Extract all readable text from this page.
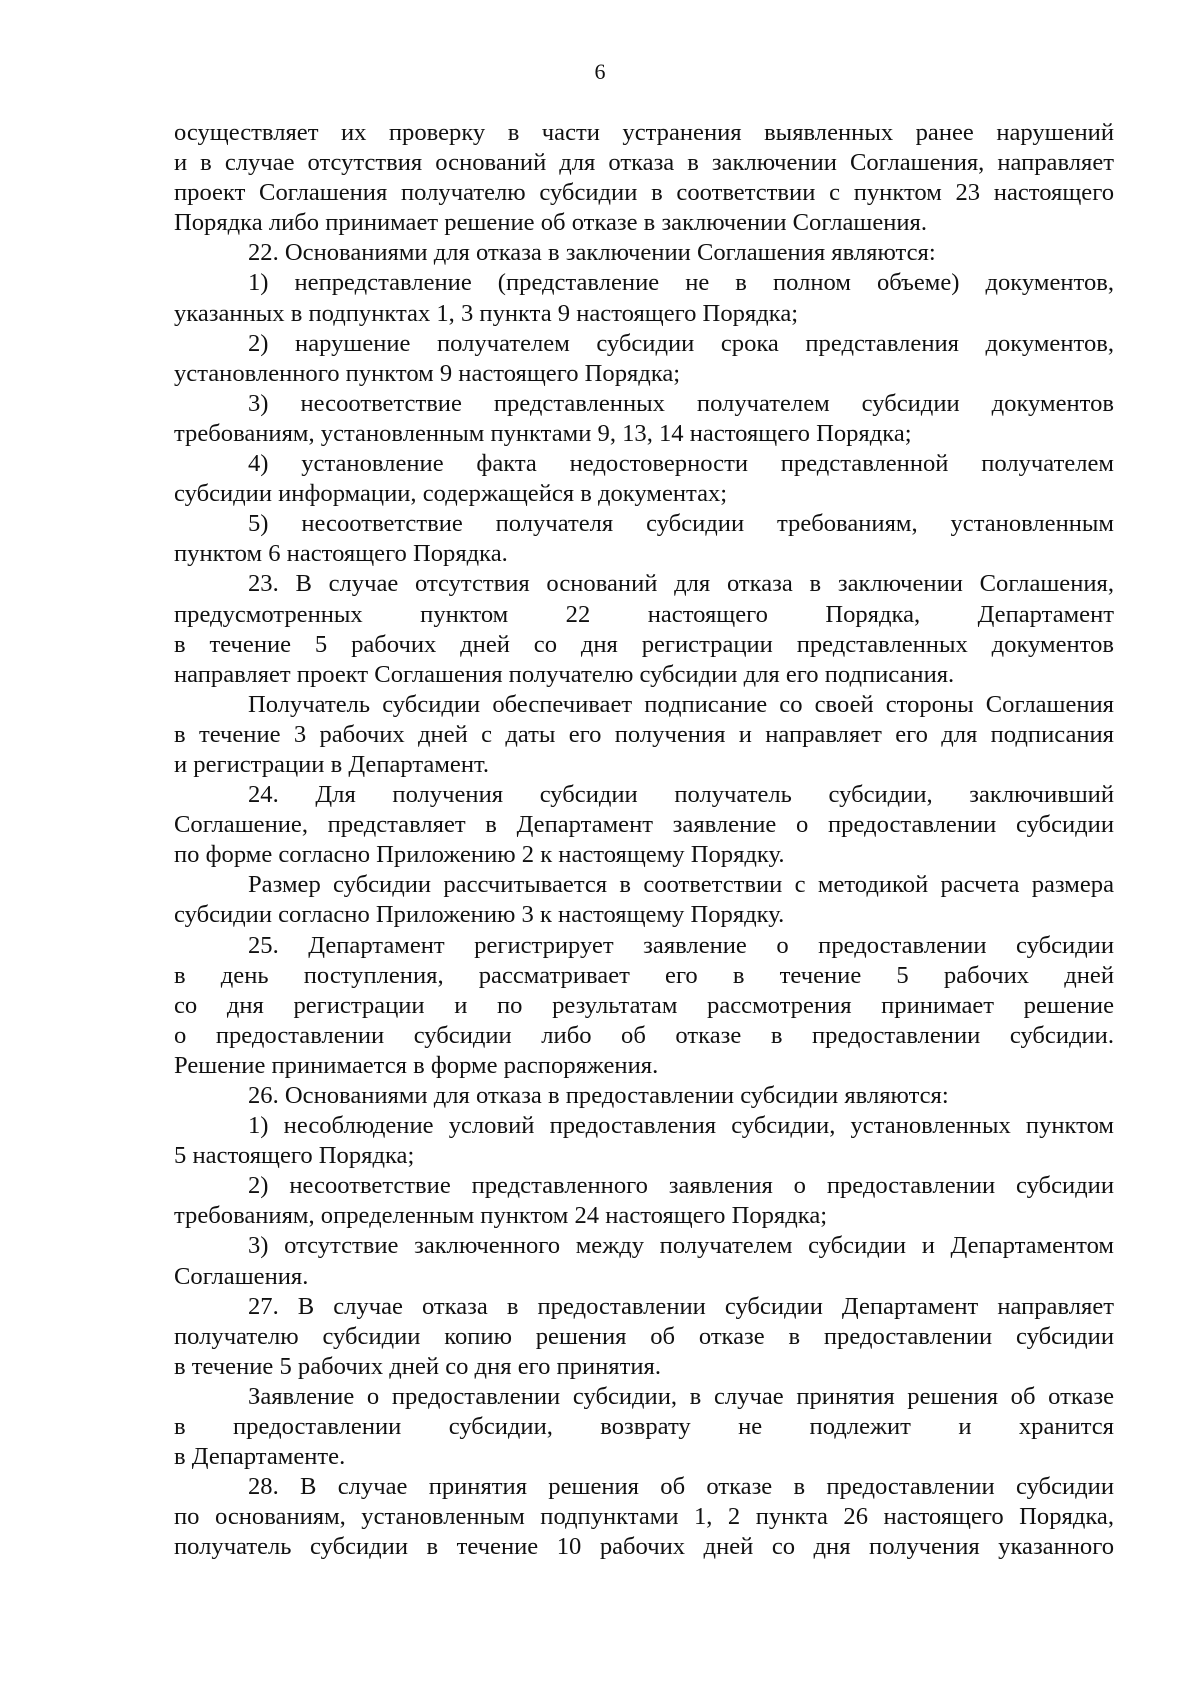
6

осуществляет их проверку в части устранения выявленных ранее нарушений

и в случае отсутствия оснований для отказа в заключении Соглашения, направляет

проект Соглашения получателю субсидии в соответствии с пунктом 23 настоящего

Порядка либо принимает решение об отказе в заключении Соглашения.

22. Основаниями для отказа в заключении Соглашения являются:

1) непредставление (представление не в полном объеме) документов,

указанных в подпунктах 1, 3 пункта 9 настоящего Порядка;

2) нарушение получателем субсидии срока представления документов,

установленного пунктом 9 настоящего Порядка;

3) несоответствие представленных получателем субсидии документов

требованиям, установленным пунктами 9, 13, 14 настоящего Порядка;

4) установление факта недостоверности представленной получателем

субсидии информации, содержащейся в документах;

5) несоответствие получателя субсидии требованиям, установленным

пунктом 6 настоящего Порядка.

23. В случае отсутствия оснований для отказа в заключении Соглашения,

предусмотренных пунктом 22 настоящего Порядка, Департамент

в течение 5 рабочих дней со дня регистрации представленных документов

направляет проект Соглашения получателю субсидии для его подписания.

Получатель субсидии обеспечивает подписание со своей стороны Соглашения

в течение 3 рабочих дней с даты его получения и направляет его для подписания

и регистрации в Департамент.

24. Для получения субсидии получатель субсидии, заключивший

Соглашение, представляет в Департамент заявление о предоставлении субсидии

по форме согласно Приложению 2 к настоящему Порядку.

Размер субсидии рассчитывается в соответствии с методикой расчета размера

субсидии согласно Приложению 3 к настоящему Порядку.

25. Департамент регистрирует заявление о предоставлении субсидии

в день поступления, рассматривает его в течение 5 рабочих дней

со дня регистрации и по результатам рассмотрения принимает решение

о предоставлении субсидии либо об отказе в предоставлении субсидии.

Решение принимается в форме распоряжения.

26. Основаниями для отказа в предоставлении субсидии являются:

1) несоблюдение условий предоставления субсидии, установленных пунктом

5 настоящего Порядка;

2) несоответствие представленного заявления о предоставлении субсидии

требованиям, определенным пунктом 24 настоящего Порядка;

3) отсутствие заключенного между получателем субсидии и Департаментом

Соглашения.

27. В случае отказа в предоставлении субсидии Департамент направляет

получателю субсидии копию решения об отказе в предоставлении субсидии

в течение 5 рабочих дней со дня его принятия.

Заявление о предоставлении субсидии, в случае принятия решения об отказе

в предоставлении субсидии, возврату не подлежит и хранится

в Департаменте.

28. В случае принятия решения об отказе в предоставлении субсидии

по основаниям, установленным подпунктами 1, 2 пункта 26 настоящего Порядка,

получатель субсидии в течение 10 рабочих дней со дня получения указанного
